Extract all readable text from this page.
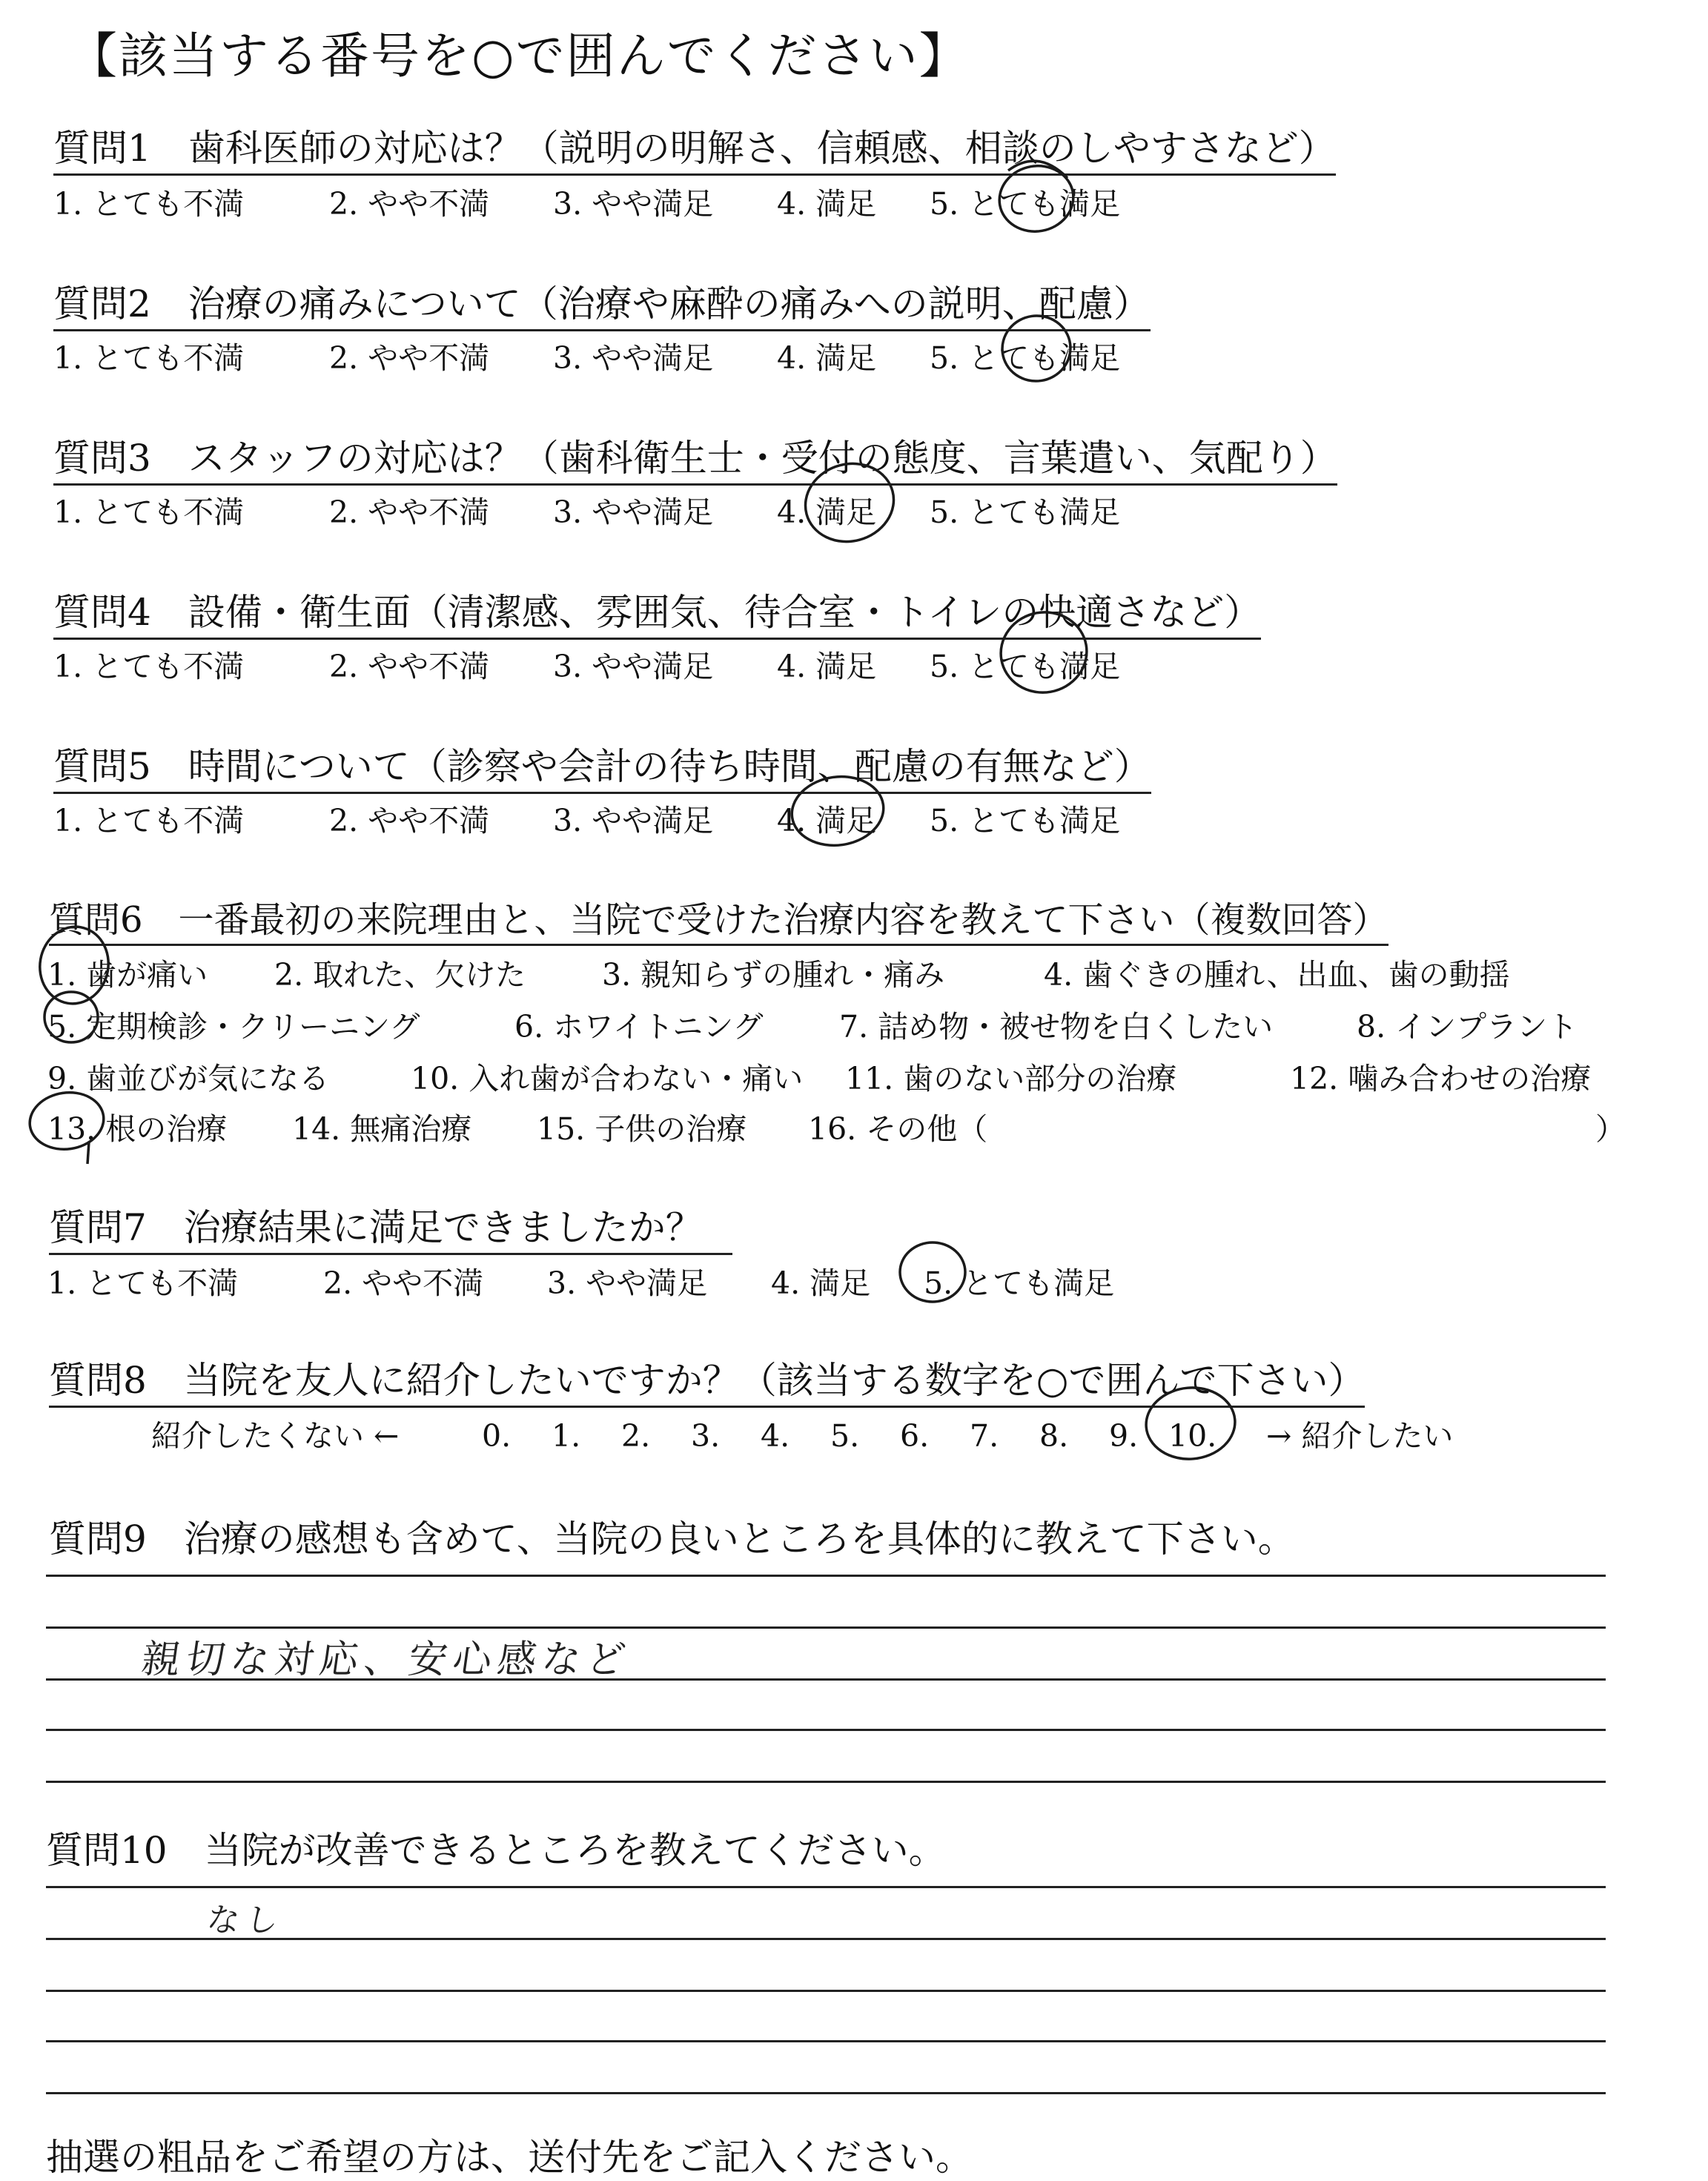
【該当する番号を○で囲んでください】
質問1　歯科医師の対応は？（説明の明解さ、信頼感、相談のしやすさなど）
1. とても不満	2. やや不満 3. やや満足 4. 満足 5. とても満足
質問2　治療の痛みについて（治療や麻酔の痛みへの説明、配慮）
1. とても不満	2. やや不満 3. やや満足 4. 満足 5. とても満足
質問3　スタッフの対応は？（歯科衛生士・受付の態度、言葉遣い、気配り）
1. とても不満	2. やや不満 3. やや満足 4. 満足 5. とても満足
質問4　設備・衛生面（清潔感、雰囲気、待合室・トイレの快適さなど）
1. とても不満	2. やや不満 3. やや満足 4. 満足 5. とても満足
質問5　時間について（診察や会計の待ち時間、配慮の有無など）
1. とても不満	2. やや不満 3. やや満足 4. 満足 5. とても満足
質問6　一番最初の来院理由と、当院で受けた治療内容を教えて下さい（複数回答）
1. 歯が痛い 2. 取れた、欠けた	3. 親知らずの腫れ・痛み	4. 歯ぐきの腫れ、出血、歯の動揺
5. 定期検診・クリーニング	6. ホワイトニング	7. 詰め物・被せ物を白くしたい	8. インプラント
9. 歯並びが気になる	10. 入れ歯が合わない・痛い 11. 歯のない部分の治療	12. 噛み合わせの治療
13. 根の治療 14. 無痛治療 15. 子供の治療 16. その他（	）
質問7　治療結果に満足できましたか？
1. とても不満	2. やや不満 3. やや満足 4. 満足 5. とても満足
質問8　当院を友人に紹介したいですか？（該当する数字を○で囲んで下さい）
紹介したくない ←	0. 1. 2. 3. 4. 5. 6. 7. 8. 9. 10. → 紹介したい
質問9　治療の感想も含めて、当院の良いところを具体的に教えて下さい。
親切な対応、安心感など
質問10　当院が改善できるところを教えてください。
なし
抽選の粗品をご希望の方は、送付先をご記入ください。
